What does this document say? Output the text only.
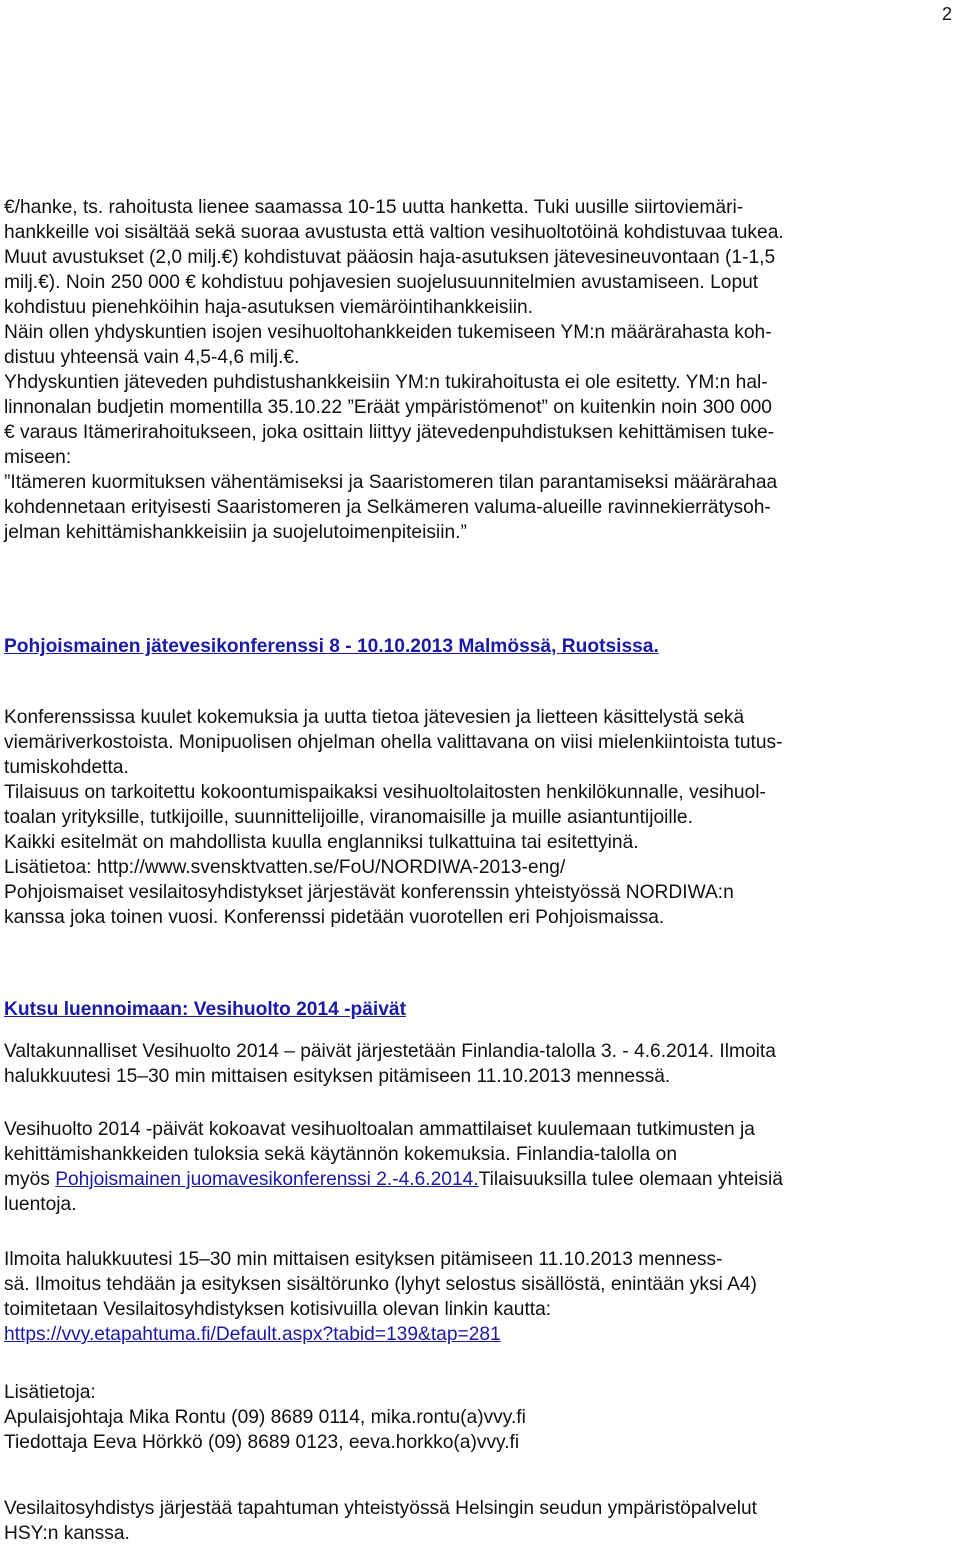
2
€/hanke, ts. rahoitusta lienee saamassa 10-15 uutta hanketta. Tuki uusille siirtoviemäri-
hankkeille voi sisältää sekä suoraa avustusta että valtion vesihuoltotöinä kohdistuvaa tukea.
Muut avustukset (2,0 milj.€) kohdistuvat pääosin haja-asutuksen jätevesineuvontaan (1-1,5
milj.€). Noin 250 000 € kohdistuu pohjavesien suojelusuunnitelmien avustamiseen. Loput
kohdistuu pienehköihin haja-asutuksen viemäröintihankkeisiin.
Näin ollen yhdyskuntien isojen vesihuoltohankkeiden tukemiseen YM:n määrärahasta koh-
distuu yhteensä vain 4,5-4,6 milj.€.
Yhdyskuntien jäteveden puhdistushankkeisiin YM:n tukirahoitusta ei ole esitetty. YM:n hal-
linnonalan budjetin momentilla 35.10.22 ”Eräät ympäristömenot” on kuitenkin noin 300 000
€ varaus Itämerirahoitukseen, joka osittain liittyy jätevedenpuhdistuksen kehittämisen tuke-
miseen:
”Itämeren kuormituksen vähentämiseksi ja Saaristomeren tilan parantamiseksi määrärahaa
kohdennetaan erityisesti Saaristomeren ja Selkämeren valuma-alueille ravinnekierrätysoh-
jelman kehittämishankkeisiin ja suojelutoimenpiteisiin.”
Pohjoismainen jätevesikonferenssi 8 - 10.10.2013 Malmössä, Ruotsissa.
Konferenssissa kuulet kokemuksia ja uutta tietoa jätevesien ja lietteen käsittelystä sekä
viemäriverkostoista. Monipuolisen ohjelman ohella valittavana on viisi mielenkiintoista tutus-
tumiskohdetta.
Tilaisuus on tarkoitettu kokoontumispaikaksi vesihuoltolaitosten henkilökunnalle, vesihuol-
toalan yrityksille, tutkijoille, suunnittelijoille, viranomaisille ja muille asiantuntijoille.
Kaikki esitelmät on mahdollista kuulla englanniksi tulkattuina tai esitettyinä.
Lisätietoa: http://www.svensktvatten.se/FoU/NORDIWA-2013-eng/
Pohjoismaiset vesilaitosyhdistykset järjestävät konferenssin yhteistyössä NORDIWA:n
kanssa joka toinen vuosi. Konferenssi pidetään vuorotellen eri Pohjoismaissa.
Kutsu luennoimaan: Vesihuolto 2014 -päivät
Valtakunnalliset Vesihuolto 2014 – päivät järjestetään Finlandia-talolla 3. - 4.6.2014. Ilmoita
halukkuutesi 15–30 min mittaisen esityksen pitämiseen 11.10.2013 mennessä.
Vesihuolto 2014 -päivät kokoavat vesihuoltoalan ammattilaiset kuulemaan tutkimusten ja
kehittämishankkeiden tuloksia sekä käytännön kokemuksia. Finlandia-talolla on
myös Pohjoismainen juomavesikonferenssi 2.-4.6.2014.Tilaisuuksilla tulee olemaan yhteisiä
luentoja.
Ilmoita halukkuutesi 15–30 min mittaisen esityksen pitämiseen 11.10.2013 menness-
sä. Ilmoitus tehdään ja esityksen sisältörunko (lyhyt selostus sisällöstä, enintään yksi A4)
toimitetaan Vesilaitosyhdistyksen kotisivuilla olevan linkin kautta:
https://vvy.etapahtuma.fi/Default.aspx?tabid=139&tap=281
Lisätietoja:
Apulaisjohtaja Mika Rontu (09) 8689 0114, mika.rontu(a)vvy.fi
Tiedottaja Eeva Hörkkö (09) 8689 0123, eeva.horkko(a)vvy.fi
Vesilaitosyhdistys järjestää tapahtuman yhteistyössä Helsingin seudun ympäristöpalvelut
HSY:n kanssa.
